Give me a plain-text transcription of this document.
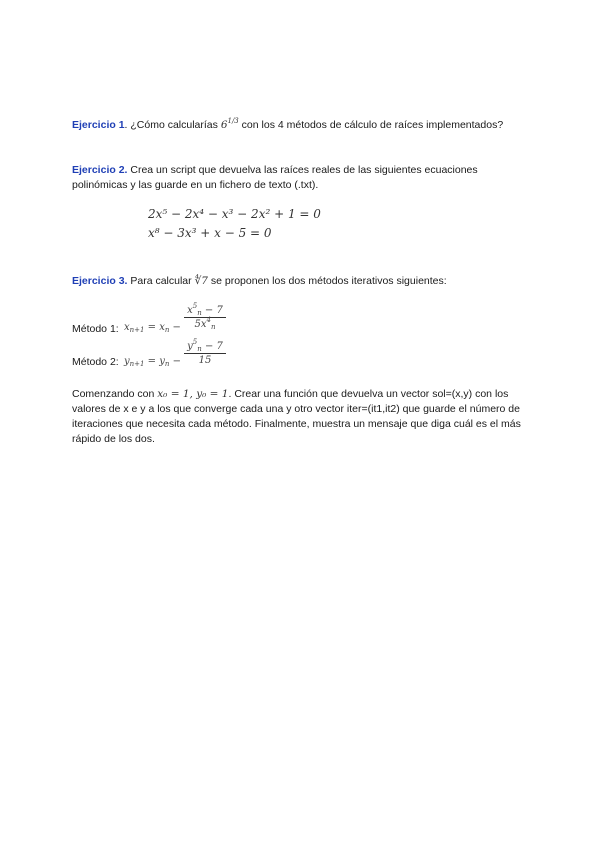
Ejercicio 1. ¿Cómo calcularías $6^{1/3}$ con los 4 métodos de cálculo de raíces implementados?

Ejercicio 2. Crea un script que devuelva las raíces reales de las siguientes ecuaciones polinómicas y las guarde en un fichero de texto (.txt).

2x⁵ − 2x⁴ − x³ − 2x² + 1 = 0
x⁸ − 3x³ + x − 5 = 0

Ejercicio 3. Para calcular ∜7 se proponen los dos métodos iterativos siguientes:

Método 1: $x_{n+1} = x_n - \frac{x^5_n - 7}{5x^4_n}$
Método 2: $y_{n+1} = y_n - \frac{y^5_n - 7}{15}$

Comenzando con x₀ = 1, y₀ = 1. Crear una función que devuelva un vector sol=(x,y) con los valores de x e y a los que converge cada una y otro vector iter=(it1,it2) que guarde el número de iteraciones que necesita cada método. Finalmente, muestra un mensaje que diga cuál es el más rápido de los dos.
